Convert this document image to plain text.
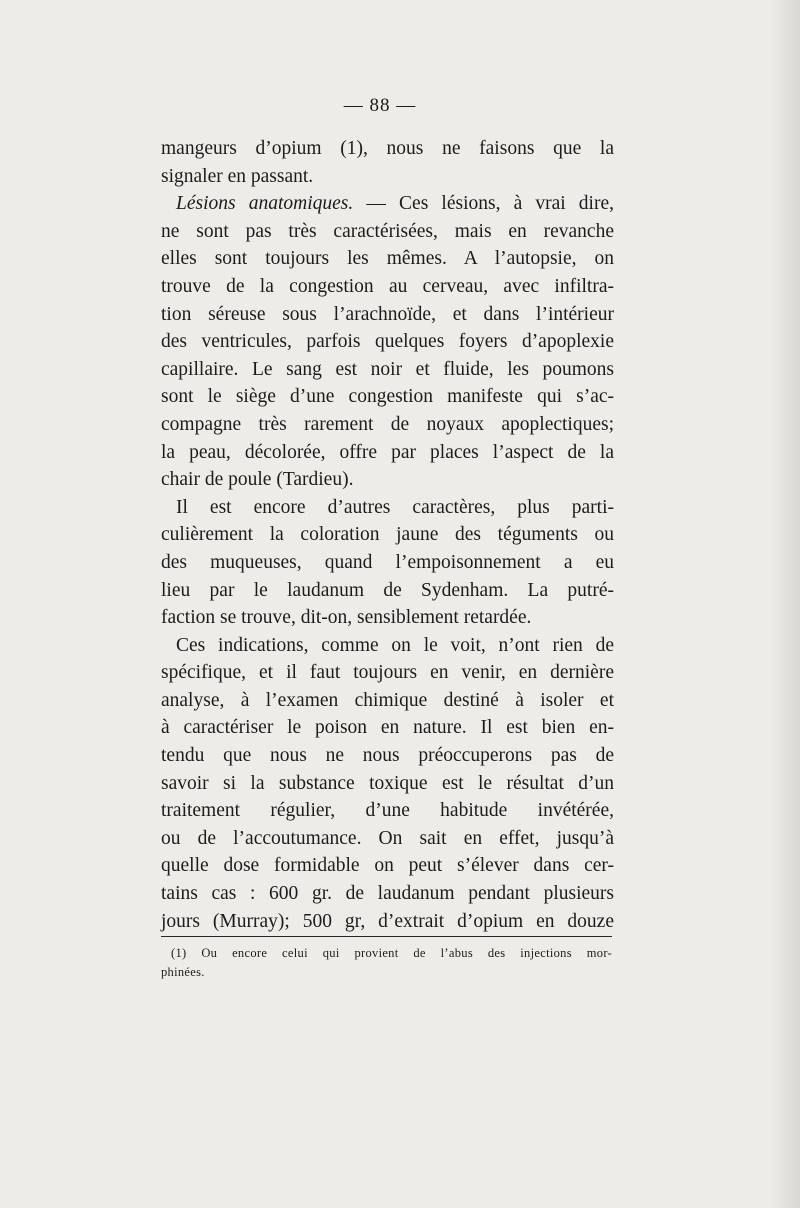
— 88 —
mangeurs d’opium (1), nous ne faisons que la
signaler en passant.
Lésions anatomiques. — Ces lésions, à vrai dire,
ne sont pas très caractérisées, mais en revanche
elles sont toujours les mêmes. A l’autopsie, on
trouve de la congestion au cerveau, avec infiltra-
tion séreuse sous l’arachnoïde, et dans l’intérieur
des ventricules, parfois quelques foyers d’apoplexie
capillaire. Le sang est noir et fluide, les poumons
sont le siège d’une congestion manifeste qui s’ac-
compagne très rarement de noyaux apoplectiques;
la peau, décolorée, offre par places l’aspect de la
chair de poule (Tardieu).
Il est encore d’autres caractères, plus parti-
culièrement la coloration jaune des téguments ou
des muqueuses, quand l’empoisonnement a eu
lieu par le laudanum de Sydenham. La putré-
faction se trouve, dit-on, sensiblement retardée.
Ces indications, comme on le voit, n’ont rien de
spécifique, et il faut toujours en venir, en dernière
analyse, à l’examen chimique destiné à isoler et
à caractériser le poison en nature. Il est bien en-
tendu que nous ne nous préoccuperons pas de
savoir si la substance toxique est le résultat d’un
traitement régulier, d’une habitude invétérée,
ou de l’accoutumance. On sait en effet, jusqu’à
quelle dose formidable on peut s’élever dans cer-
tains cas : 600 gr. de laudanum pendant plusieurs
jours (Murray); 500 gr, d’extrait d’opium en douze
(1) Ou encore celui qui provient de l’abus des injections mor-
phinées.
